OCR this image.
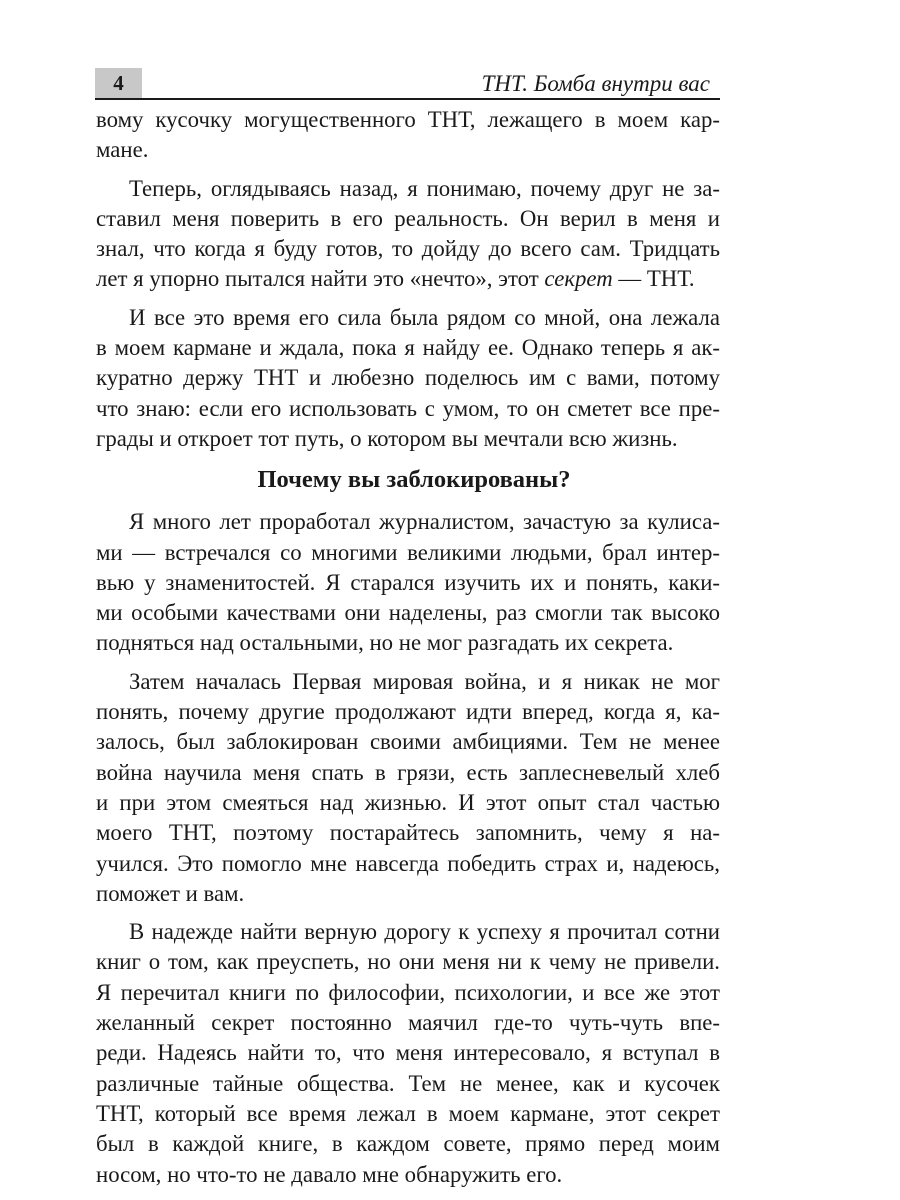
4	ТНТ. Бомба внутри вас
вому кусочку могущественного ТНТ, лежащего в моем кар-
мане.
Теперь, оглядываясь назад, я понимаю, почему друг не за-
ставил меня поверить в его реальность. Он верил в меня и
знал, что когда я буду готов, то дойду до всего сам. Тридцать
лет я упорно пытался найти это «нечто», этот секрет — ТНТ.
И все это время его сила была рядом со мной, она лежала
в моем кармане и ждала, пока я найду ее. Однако теперь я ак-
куратно держу ТНТ и любезно поделюсь им с вами, потому
что знаю: если его использовать с умом, то он сметет все пре-
грады и откроет тот путь, о котором вы мечтали всю жизнь.
Почему вы заблокированы?
Я много лет проработал журналистом, зачастую за кулиса-
ми — встречался со многими великими людьми, брал интер-
вью у знаменитостей. Я старался изучить их и понять, каки-
ми особыми качествами они наделены, раз смогли так высоко
подняться над остальными, но не мог разгадать их секрета.
Затем началась Первая мировая война, и я никак не мог
понять, почему другие продолжают идти вперед, когда я, ка-
залось, был заблокирован своими амбициями. Тем не менее
война научила меня спать в грязи, есть заплесневелый хлеб
и при этом смеяться над жизнью. И этот опыт стал частью
моего ТНТ, поэтому постарайтесь запомнить, чему я на-
учился. Это помогло мне навсегда победить страх и, надеюсь,
поможет и вам.
В надежде найти верную дорогу к успеху я прочитал сотни
книг о том, как преуспеть, но они меня ни к чему не привели.
Я перечитал книги по философии, психологии, и все же этот
желанный секрет постоянно маячил где-то чуть-чуть впе-
реди. Надеясь найти то, что меня интересовало, я вступал в
различные тайные общества. Тем не менее, как и кусочек
ТНТ, который все время лежал в моем кармане, этот секрет
был в каждой книге, в каждом совете, прямо перед моим
носом, но что-то не давало мне обнаружить его.
